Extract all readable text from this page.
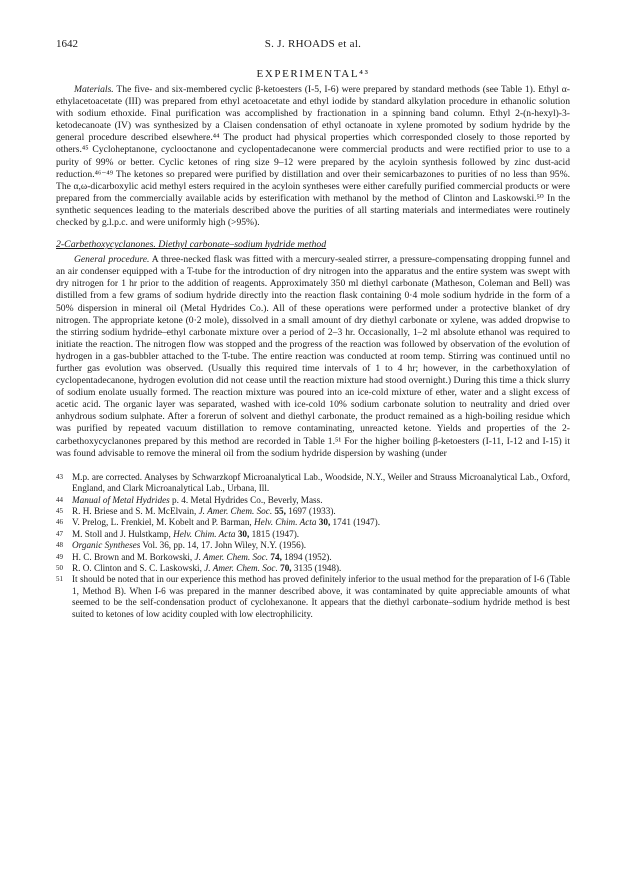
1642	S. J. RHOADS et al.
EXPERIMENTAL⁴³

Materials. The five- and six-membered cyclic β-ketoesters (I-5, I-6) were prepared by standard methods (see Table 1). Ethyl α-ethylacetoacetate (III) was prepared from ethyl acetoacetate and ethyl iodide by standard alkylation procedure in ethanolic solution with sodium ethoxide. Final purification was accomplished by fractionation in a spinning band column. Ethyl 2-(n-hexyl)-3-ketodecanoate (IV) was synthesized by a Claisen condensation of ethyl octanoate in xylene promoted by sodium hydride by the general procedure described elsewhere.⁴⁴ The product had physical properties which corresponded closely to those reported by others.⁴⁵ Cycloheptanone, cyclooctanone and cyclopentadecanone were commercial products and were rectified prior to use to a purity of 99% or better. Cyclic ketones of ring size 9–12 were prepared by the acyloin synthesis followed by zinc dust-acid reduction.⁴⁶⁻⁴⁹ The ketones so prepared were purified by distillation and over their semicarbazones to purities of no less than 95%. The α,ω-dicarboxylic acid methyl esters required in the acyloin syntheses were either carefully purified commercial products or were prepared from the commercially available acids by esterification with methanol by the method of Clinton and Laskowski.⁵⁰ In the synthetic sequences leading to the materials described above the purities of all starting materials and intermediates were routinely checked by g.l.p.c. and were uniformly high (>95%).

2-Carbethoxycyclanones. Diethyl carbonate–sodium hydride method

General procedure. A three-necked flask was fitted with a mercury-sealed stirrer, a pressure-compensating dropping funnel and an air condenser equipped with a T-tube for the introduction of dry nitrogen into the apparatus and the entire system was swept with dry nitrogen for 1 hr prior to the addition of reagents. Approximately 350 ml diethyl carbonate (Matheson, Coleman and Bell) was distilled from a few grams of sodium hydride directly into the reaction flask containing 0·4 mole sodium hydride in the form of a 50% dispersion in mineral oil (Metal Hydrides Co.). All of these operations were performed under a protective blanket of dry nitrogen. The appropriate ketone (0·2 mole), dissolved in a small amount of dry diethyl carbonate or xylene, was added dropwise to the stirring sodium hydride–ethyl carbonate mixture over a period of 2–3 hr. Occasionally, 1–2 ml absolute ethanol was required to initiate the reaction. The nitrogen flow was stopped and the progress of the reaction was followed by observation of the evolution of hydrogen in a gas-bubbler attached to the T-tube. The entire reaction was conducted at room temp. Stirring was continued until no further gas evolution was observed. (Usually this required time intervals of 1 to 4 hr; however, in the carbethoxylation of cyclopentadecanone, hydrogen evolution did not cease until the reaction mixture had stood overnight.) During this time a thick slurry of sodium enolate usually formed. The reaction mixture was poured into an ice-cold mixture of ether, water and a slight excess of acetic acid. The organic layer was separated, washed with ice-cold 10% sodium carbonate solution to neutrality and dried over anhydrous sodium sulphate. After a forerun of solvent and diethyl carbonate, the product remained as a high-boiling residue which was purified by repeated vacuum distillation to remove contaminating, unreacted ketone. Yields and properties of the 2-carbethoxycyclanones prepared by this method are recorded in Table 1.⁵¹ For the higher boiling β-ketoesters (I-11, I-12 and I-15) it was found advisable to remove the mineral oil from the sodium hydride dispersion by washing (under

43 M.p. are corrected. Analyses by Schwarzkopf Microanalytical Lab., Woodside, N.Y., Weiler and Strauss Microanalytical Lab., Oxford, England, and Clark Microanalytical Lab., Urbana, Ill.
44 Manual of Metal Hydrides p. 4. Metal Hydrides Co., Beverly, Mass.
45 R. H. Briese and S. M. McElvain, J. Amer. Chem. Soc. 55, 1697 (1933).
46 V. Prelog, L. Frenkiel, M. Kobelt and P. Barman, Helv. Chim. Acta 30, 1741 (1947).
47 M. Stoll and J. Hulstkamp, Helv. Chim. Acta 30, 1815 (1947).
48 Organic Syntheses Vol. 36, pp. 14, 17. John Wiley, N.Y. (1956).
49 H. C. Brown and M. Borkowski, J. Amer. Chem. Soc. 74, 1894 (1952).
50 R. O. Clinton and S. C. Laskowski, J. Amer. Chem. Soc. 70, 3135 (1948).
51 It should be noted that in our experience this method has proved definitely inferior to the usual method for the preparation of I-6 (Table 1, Method B). When I-6 was prepared in the manner described above, it was contaminated by quite appreciable amounts of what seemed to be the self-condensation product of cyclohexanone. It appears that the diethyl carbonate–sodium hydride method is best suited to ketones of low acidity coupled with low electrophilicity.
